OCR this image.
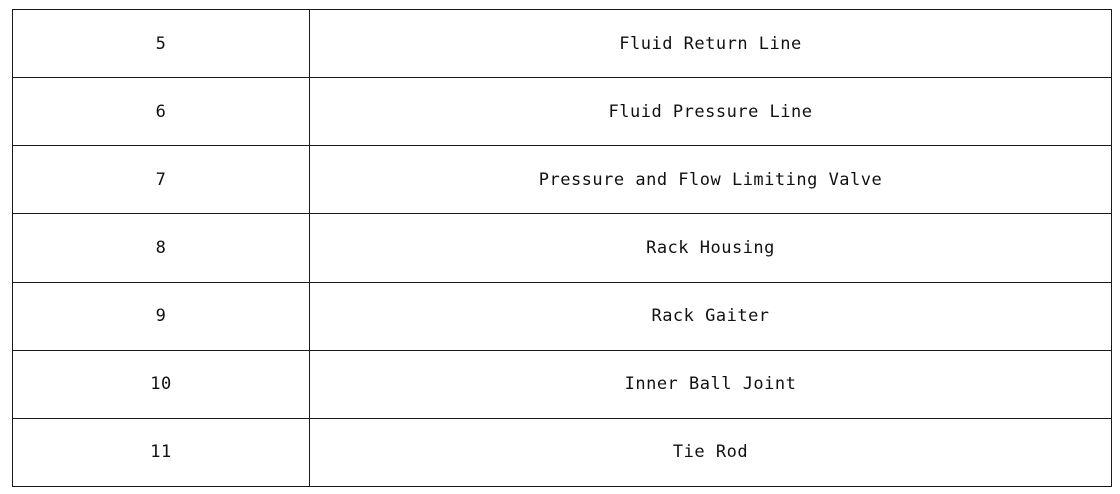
5	Fluid Return Line
6	Fluid Pressure Line
7	Pressure and Flow Limiting Valve
8	Rack Housing
9	Rack Gaiter
10	Inner Ball Joint
11	Tie Rod
